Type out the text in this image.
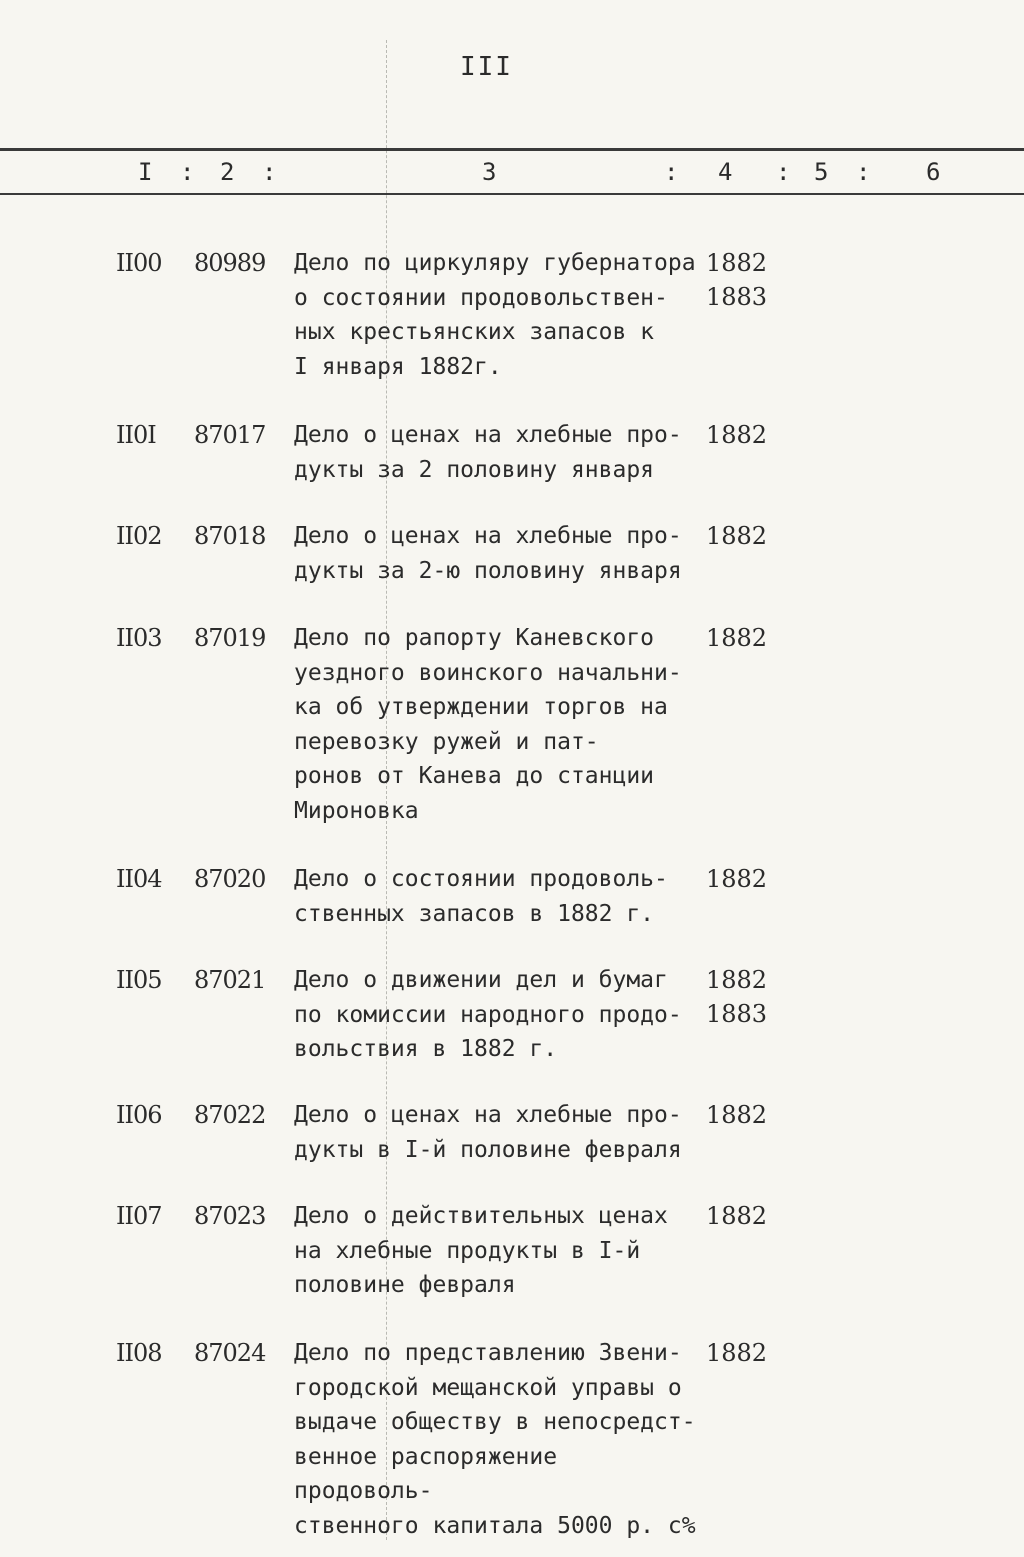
III
I : 2 :	3	: 4 : 5 : 6
II00 80989 Дело по циркуляру губернатора
о состоянии продовольствен-
ных крестьянских запасов к
I января 1882г.
1882
1883
II0I 87017 Дело о ценах на хлебные про-
дукты за 2 половину января
1882
II02 87018 Дело о ценах на хлебные про-
дукты за 2-ю половину января
1882
II03 87019 Дело по рапорту Каневского
уездного воинского начальни-
ка об утверждении торгов на
перевозку ружей и пат-
ронов от Канева до станции
Мироновка
1882
II04 87020 Дело о состоянии продоволь-
ственных запасов в 1882 г.
1882
II05 87021 Дело о движении дел и бумаг
по комиссии народного продо-
вольствия в 1882 г.
1882
1883
II06 87022 Дело о ценах на хлебные про-
дукты в I-й половине февраля
1882
II07 87023 Дело о действительных ценах
на хлебные продукты в I-й
половине февраля
1882
II08 87024 Дело по представлению Звени-
городской мещанской управы о
выдаче обществу в непосредст-
венное распоряжение продоволь-
ственного капитала 5000 р. с%
1882
